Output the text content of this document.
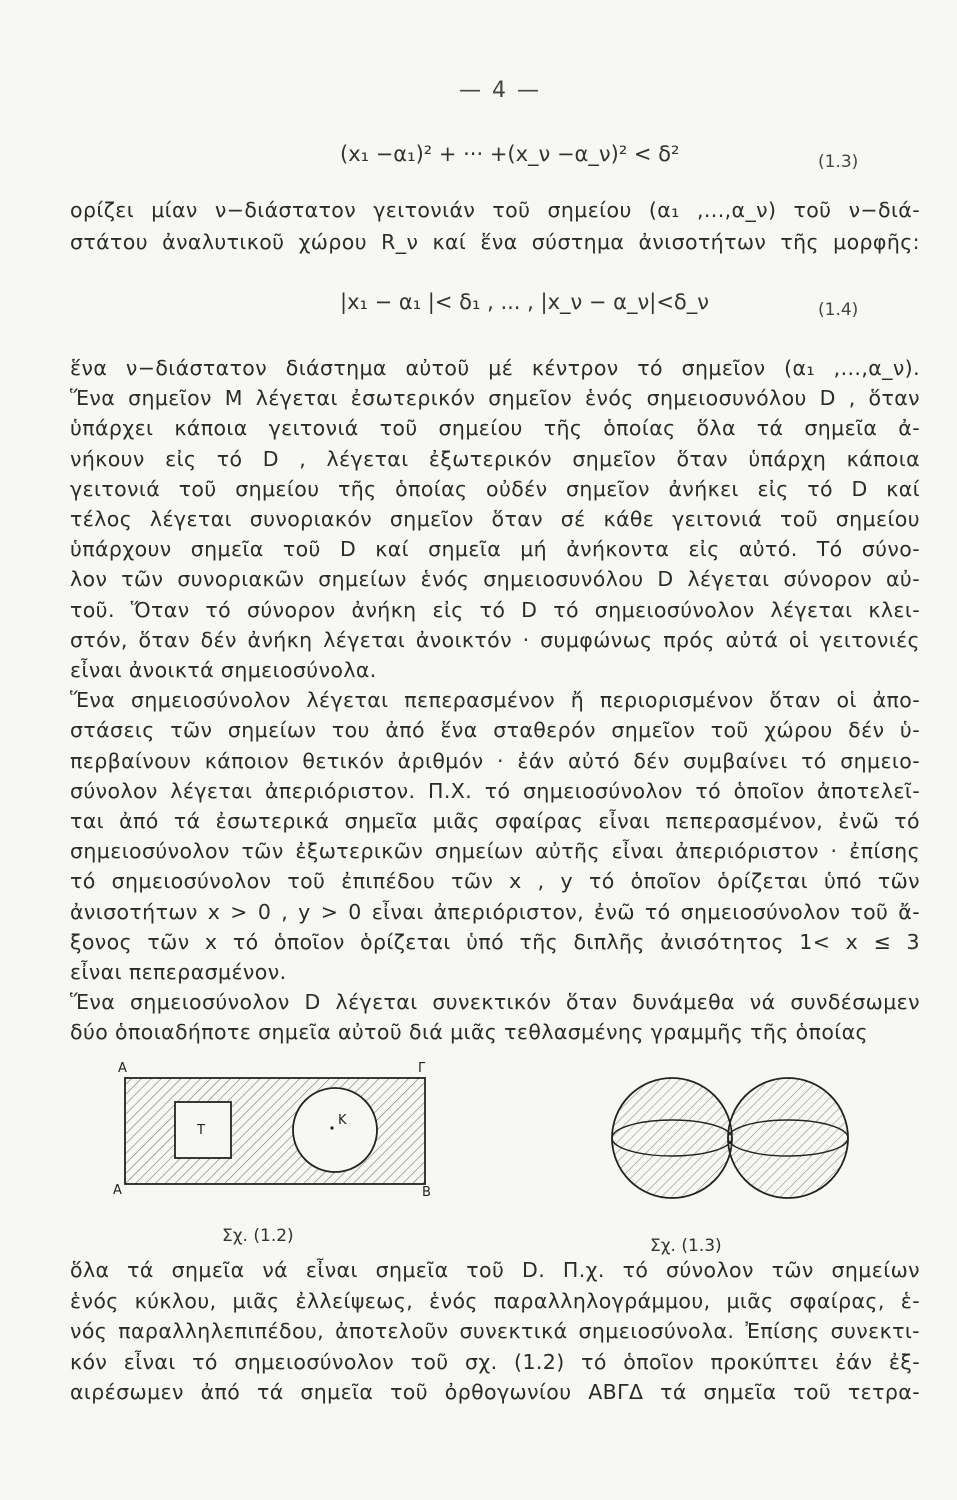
— 4 —
(x₁ −α₁)² + ··· +(x_ν −α_ν)² < δ²	(1.3)
ορίζει μίαν ν−διάστατον γειτονιάν τοῦ σημείου (α₁ ,...,α_ν) τοῦ ν−διά-
στάτου ἀναλυτικοῦ χώρου R_ν καί ἕνα σύστημα ἀνισοτήτων τῆς μορφῆς:
|x₁ − α₁ |< δ₁ , ... , |x_ν − α_ν|<δ_ν	(1.4)
ἕνα ν−διάστατον διάστημα αὐτοῦ μέ κέντρον τό σημεῖον (α₁ ,...,α_ν).
Ἕνα σημεῖον Μ λέγεται ἐσωτερικόν σημεῖον ἑνός σημειοσυνόλου D , ὅταν
ὑπάρχει κάποια γειτονιά τοῦ σημείου τῆς ὁποίας ὅλα τά σημεῖα ἀ-
νήκουν εἰς τό D , λέγεται ἐξωτερικόν σημεῖον ὅταν ὑπάρχη κάποια
γειτονιά τοῦ σημείου τῆς ὁποίας οὐδέν σημεῖον ἀνήκει εἰς τό D καί
τέλος λέγεται συνοριακόν σημεῖον ὅταν σέ κάθε γειτονιά τοῦ σημείου
ὑπάρχουν σημεῖα τοῦ D καί σημεῖα μή ἀνήκοντα εἰς αὐτό. Τό σύνο-
λον τῶν συνοριακῶν σημείων ἑνός σημειοσυνόλου D λέγεται σύνορον αὐ-
τοῦ. Ὅταν τό σύνορον ἀνήκη εἰς τό D τό σημειοσύνολον λέγεται κλει-
στόν, ὅταν δέν ἀνήκη λέγεται ἀνοικτόν · συμφώνως πρός αὐτά οἱ γειτονιές
εἶναι ἀνοικτά σημειοσύνολα.
Ἕνα σημειοσύνολον λέγεται πεπερασμένον ἤ περιορισμένον ὅταν οἱ ἀπο-
στάσεις τῶν σημείων του ἀπό ἕνα σταθερόν σημεῖον τοῦ χώρου δέν ὑ-
περβαίνουν κάποιον θετικόν ἀριθμόν · ἐάν αὐτό δέν συμβαίνει τό σημειο-
σύνολον λέγεται ἀπεριόριστον. Π.Χ. τό σημειοσύνολον τό ὁποῖον ἀποτελεῖ-
ται ἀπό τά ἐσωτερικά σημεῖα μιᾶς σφαίρας εἶναι πεπερασμένον, ἐνῶ τό
σημειοσύνολον τῶν ἐξωτερικῶν σημείων αὐτῆς εἶναι ἀπεριόριστον · ἐπίσης
τό σημειοσύνολον τοῦ ἐπιπέδου τῶν x , y τό ὁποῖον ὁρίζεται ὑπό τῶν
ἀνισοτήτων x > 0 , y > 0 εἶναι ἀπεριόριστον, ἐνῶ τό σημειοσύνολον τοῦ ἄ-
ξονος τῶν x τό ὁποῖον ὁρίζεται ὑπό τῆς διπλῆς ἀνισότητος 1< x ≤ 3
εἶναι πεπερασμένον.
Ἕνα σημειοσύνολον D λέγεται συνεκτικόν ὅταν δυνάμεθα νά συνδέσωμεν
δύο ὁποιαδήποτε σημεῖα αὐτοῦ διά μιᾶς τεθλασμένης γραμμῆς τῆς ὁποίας
Α	Γ
Α	Β
Τ
Κ
Σχ. (1.2)	Σχ. (1.3)
ὅλα τά σημεῖα νά εἶναι σημεῖα τοῦ D. Π.χ. τό σύνολον τῶν σημείων
ἑνός κύκλου, μιᾶς ἐλλείψεως, ἑνός παραλληλογράμμου, μιᾶς σφαίρας, ἑ-
νός παραλληλεπιπέδου, ἀποτελοῦν συνεκτικά σημειοσύνολα. Ἐπίσης συνεκτι-
κόν εἶναι τό σημειοσύνολον τοῦ σχ. (1.2) τό ὁποῖον προκύπτει ἐάν ἐξ-
αιρέσωμεν ἀπό τά σημεῖα τοῦ ὀρθογωνίου ΑΒΓΔ τά σημεῖα τοῦ τετρα-
